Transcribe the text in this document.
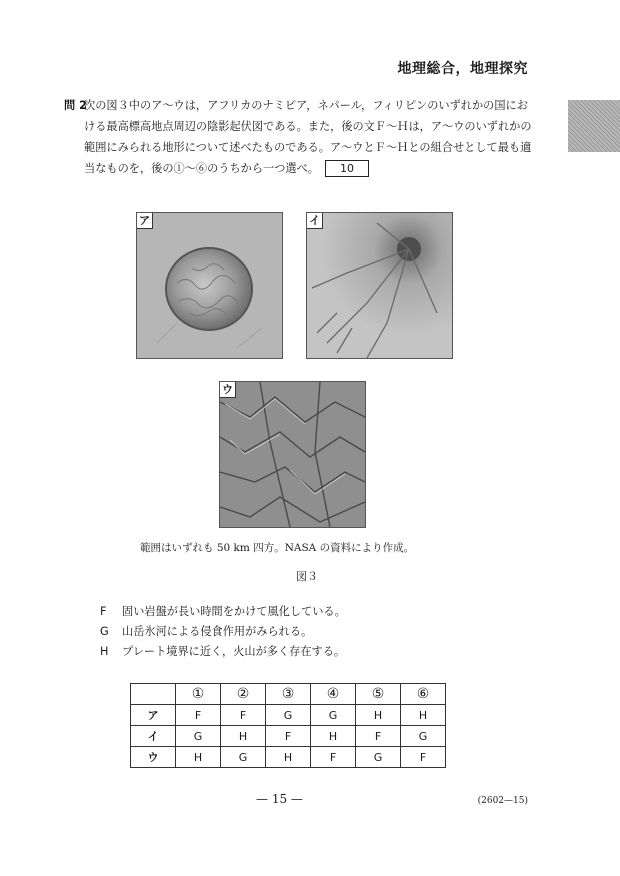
地理総合，地理探究
問 2
次の図３中のア～ウは，アフリカのナミビア，ネパール，フィリピンのいずれかの国における最高標高地点周辺の陰影起伏図である。また，後の文Ｆ～Ｈは，ア～ウのいずれかの範囲にみられる地形について述べたものである。ア～ウとＦ～Ｈとの組合せとして最も適当なものを，後の①～⑥のうちから一つ選べ。 10
ア	イ
ウ
範囲はいずれも 50 km 四方。NASA の資料により作成。
図３
F 固い岩盤が長い時間をかけて風化している。
G 山岳氷河による侵食作用がみられる。
H プレート境界に近く，火山が多く存在する。
	①	②	③	④	⑤	⑥
ア	F	F	G	G	H	H
イ	G	H	F	H	F	G
ウ	H	G	H	F	G	F
— 15 —	(2602—15)
